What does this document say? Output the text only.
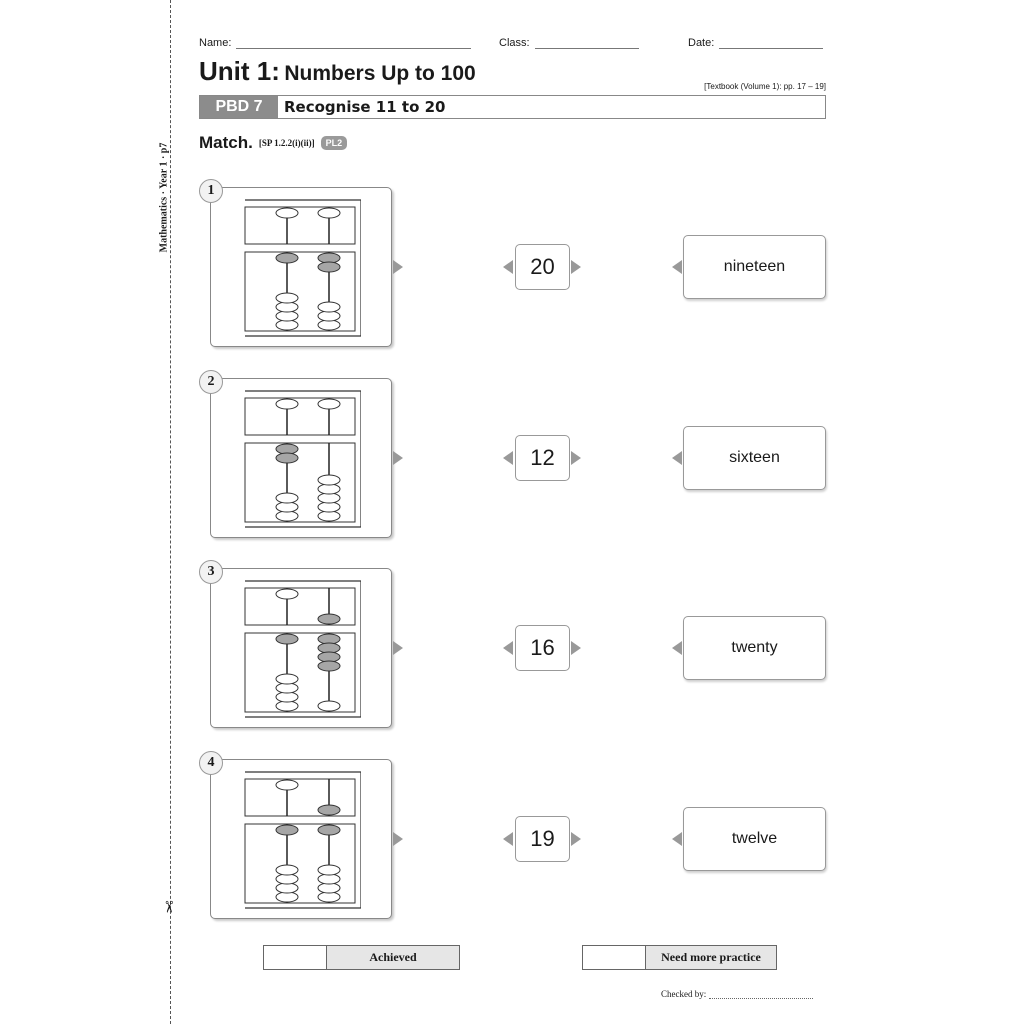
Mathematics · Year 1 · p7
✂
Name:	Class:	Date:
Unit 1: Numbers Up to 100
[Textbook (Volume 1): pp. 17 – 19]
PBD 7	Recognise 11 to 20
Match. [SP 1.2.2(i)(ii)]	PL2
1
20	nineteen
2
12	sixteen
3
16	twenty
4
19	twelve
Achieved	Need more practice
Checked by:
